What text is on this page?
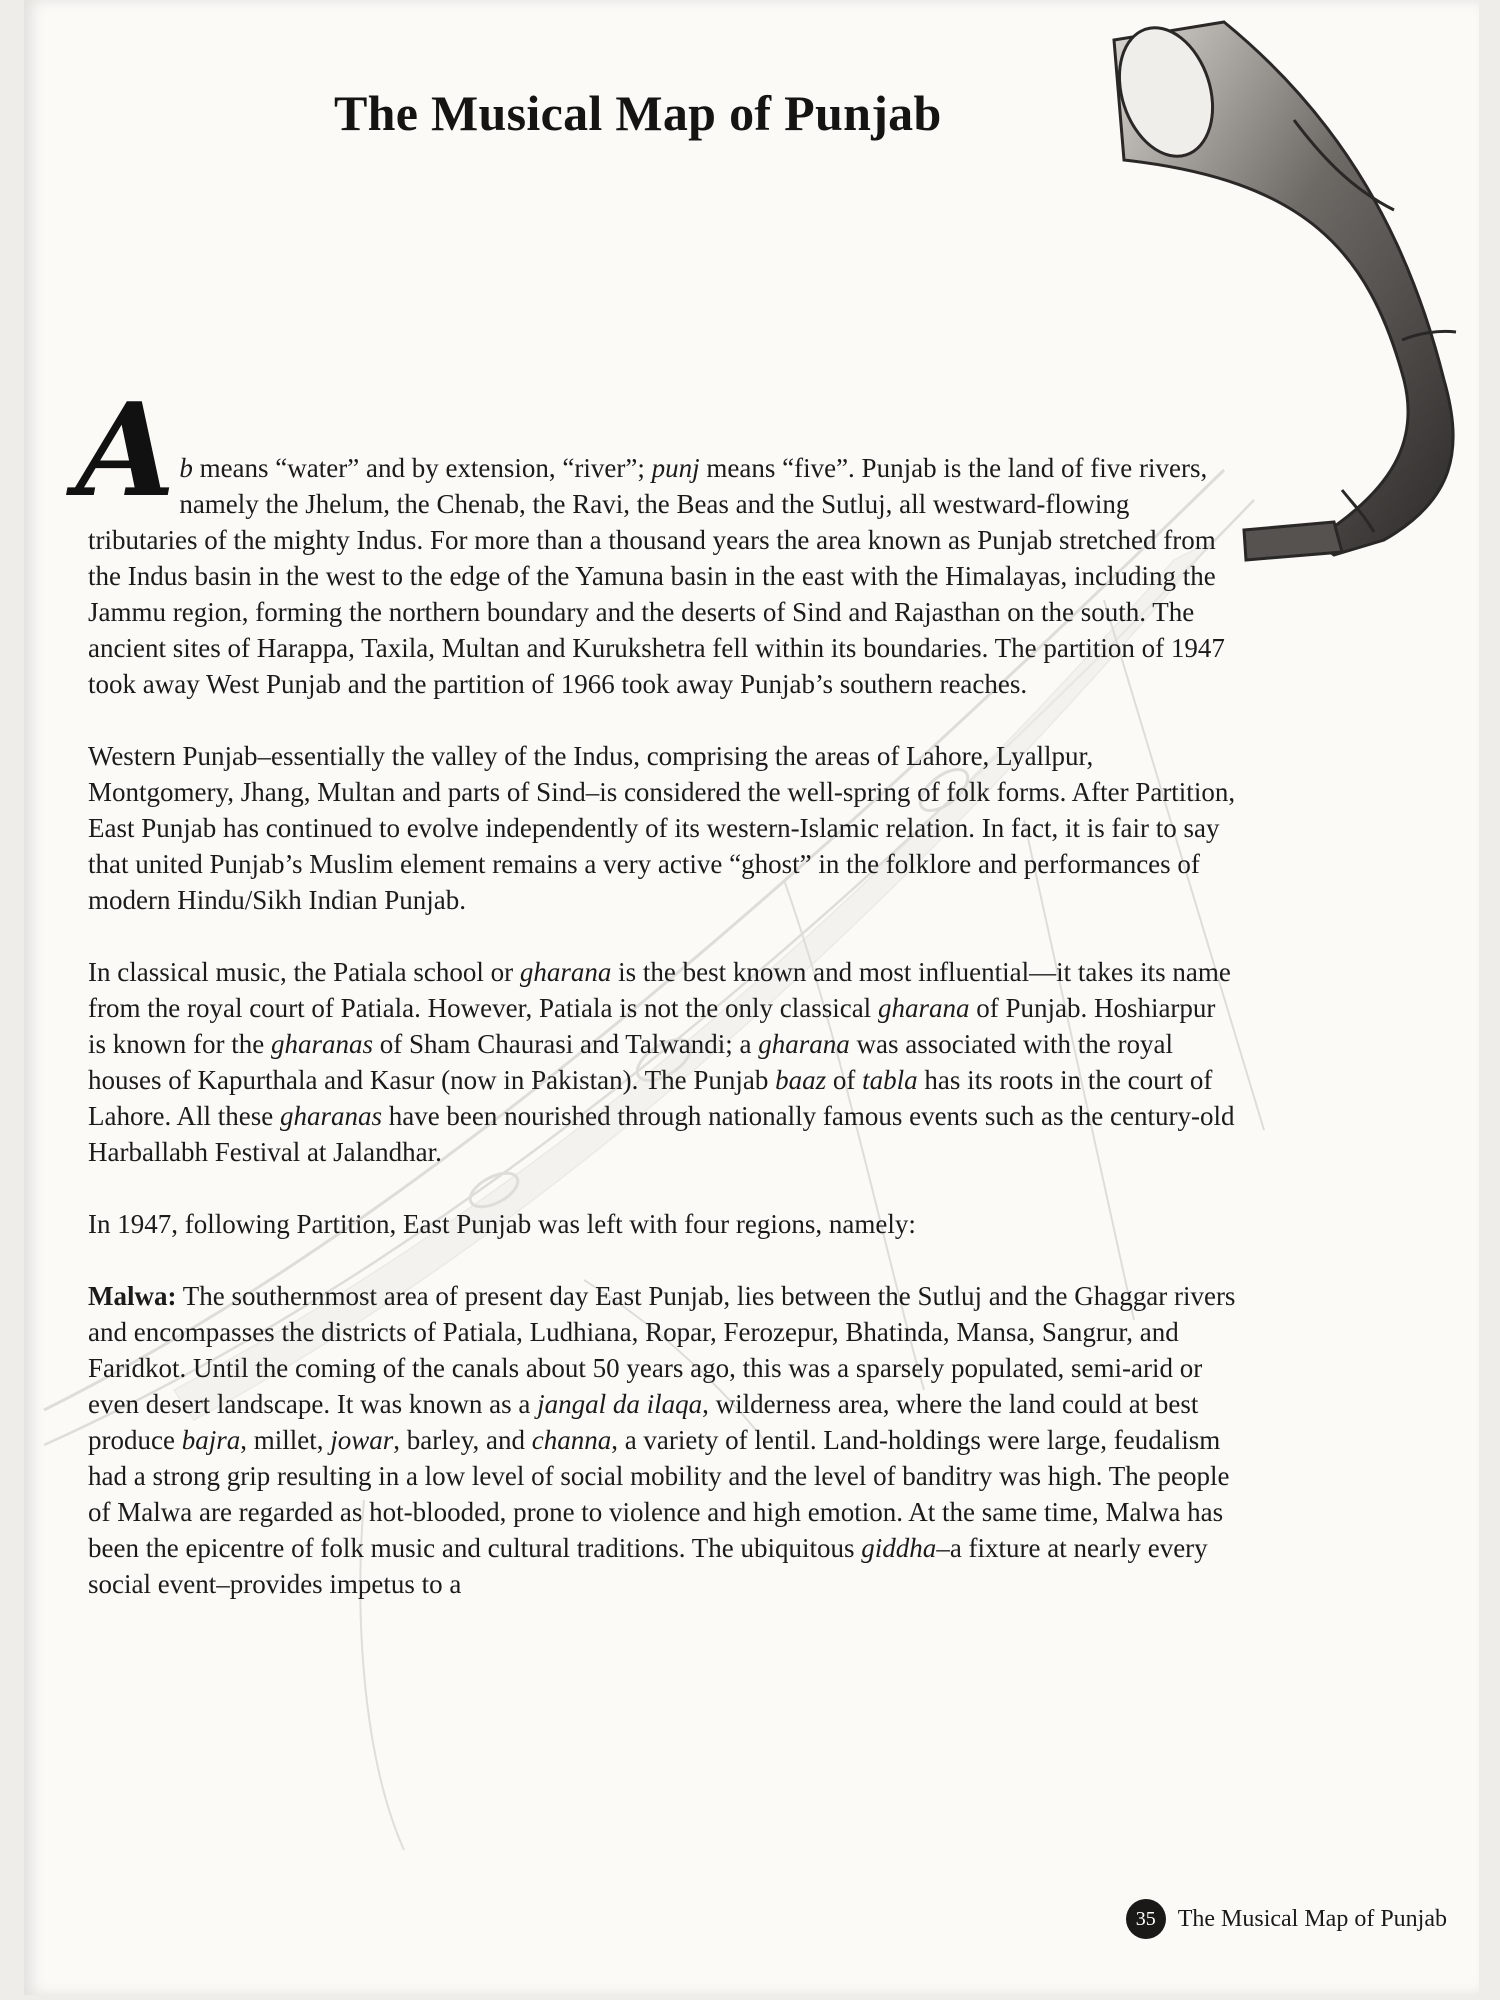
The Musical Map of Punjab

Ab means “water” and by extension, “river”; punj means “five”. Punjab is the land of five rivers, namely the Jhelum, the Chenab, the Ravi, the Beas and the Sutluj, all westward-flowing tributaries of the mighty Indus. For more than a thousand years the area known as Punjab stretched from the Indus basin in the west to the edge of the Yamuna basin in the east with the Himalayas, including the Jammu region, forming the northern boundary and the deserts of Sind and Rajasthan on the south. The ancient sites of Harappa, Taxila, Multan and Kurukshetra fell within its boundaries. The partition of 1947 took away West Punjab and the partition of 1966 took away Punjab’s southern reaches.

Western Punjab–essentially the valley of the Indus, comprising the areas of Lahore, Lyallpur, Montgomery, Jhang, Multan and parts of Sind–is considered the well-spring of folk forms. After Partition, East Punjab has continued to evolve independently of its western-Islamic relation. In fact, it is fair to say that united Punjab’s Muslim element remains a very active “ghost” in the folklore and performances of modern Hindu/Sikh Indian Punjab.

In classical music, the Patiala school or gharana is the best known and most influential—it takes its name from the royal court of Patiala. However, Patiala is not the only classical gharana of Punjab. Hoshiarpur is known for the gharanas of Sham Chaurasi and Talwandi; a gharana was associated with the royal houses of Kapurthala and Kasur (now in Pakistan). The Punjab baaz of tabla has its roots in the court of Lahore. All these gharanas have been nourished through nationally famous events such as the century-old Harballabh Festival at Jalandhar.

In 1947, following Partition, East Punjab was left with four regions, namely:

Malwa: The southernmost area of present day East Punjab, lies between the Sutluj and the Ghaggar rivers and encompasses the districts of Patiala, Ludhiana, Ropar, Ferozepur, Bhatinda, Mansa, Sangrur, and Faridkot. Until the coming of the canals about 50 years ago, this was a sparsely populated, semi-arid or even desert landscape. It was known as a jangal da ilaqa, wilderness area, where the land could at best produce bajra, millet, jowar, barley, and channa, a variety of lentil. Land-holdings were large, feudalism had a strong grip resulting in a low level of social mobility and the level of banditry was high. The people of Malwa are regarded as hot-blooded, prone to violence and high emotion. At the same time, Malwa has been the epicentre of folk music and cultural traditions. The ubiquitous giddha–a fixture at nearly every social event–provides impetus to a

35 The Musical Map of Punjab
